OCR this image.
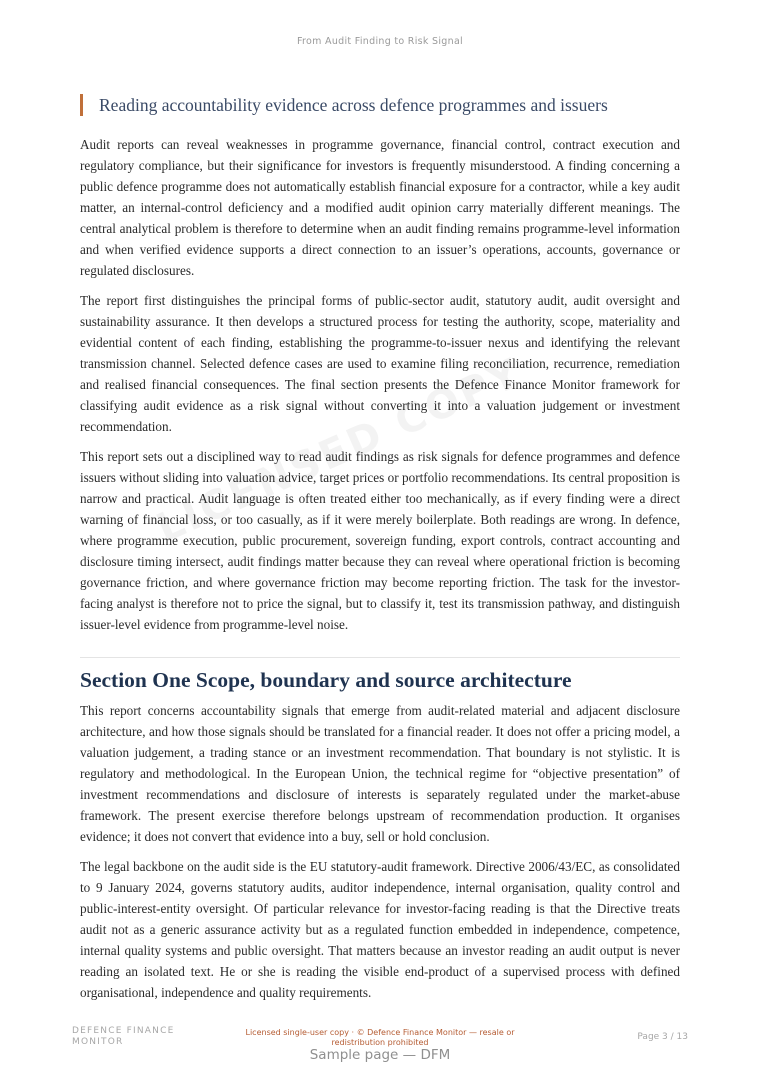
From Audit Finding to Risk Signal
Reading accountability evidence across defence programmes and issuers

Audit reports can reveal weaknesses in programme governance, financial control, contract execution and regulatory compliance, but their significance for investors is frequently misunderstood. A finding concerning a public defence programme does not automatically establish financial exposure for a contractor, while a key audit matter, an internal-control deficiency and a modified audit opinion carry materially different meanings. The central analytical problem is therefore to determine when an audit finding remains programme-level information and when verified evidence supports a direct connection to an issuer’s operations, accounts, governance or regulated disclosures.

The report first distinguishes the principal forms of public-sector audit, statutory audit, audit oversight and sustainability assurance. It then develops a structured process for testing the authority, scope, materiality and evidential content of each finding, establishing the programme-to-issuer nexus and identifying the relevant transmission channel. Selected defence cases are used to examine filing reconciliation, recurrence, remediation and realised financial consequences. The final section presents the Defence Finance Monitor framework for classifying audit evidence as a risk signal without converting it into a valuation judgement or investment recommendation.

This report sets out a disciplined way to read audit findings as risk signals for defence programmes and defence issuers without sliding into valuation advice, target prices or portfolio recommendations. Its central proposition is narrow and practical. Audit language is often treated either too mechanically, as if every finding were a direct warning of financial loss, or too casually, as if it were merely boilerplate. Both readings are wrong. In defence, where programme execution, public procurement, sovereign funding, export controls, contract accounting and disclosure timing intersect, audit findings matter because they can reveal where operational friction is becoming governance friction, and where governance friction may become reporting friction. The task for the investor-facing analyst is therefore not to price the signal, but to classify it, test its transmission pathway, and distinguish issuer-level evidence from programme-level noise.

Section One Scope, boundary and source architecture

This report concerns accountability signals that emerge from audit-related material and adjacent disclosure architecture, and how those signals should be translated for a financial reader. It does not offer a pricing model, a valuation judgement, a trading stance or an investment recommendation. That boundary is not stylistic. It is regulatory and methodological. In the European Union, the technical regime for “objective presentation” of investment recommendations and disclosure of interests is separately regulated under the market-abuse framework. The present exercise therefore belongs upstream of recommendation production. It organises evidence; it does not convert that evidence into a buy, sell or hold conclusion.

The legal backbone on the audit side is the EU statutory-audit framework. Directive 2006/43/EC, as consolidated to 9 January 2024, governs statutory audits, auditor independence, internal organisation, quality control and public-interest-entity oversight. Of particular relevance for investor-facing reading is that the Directive treats audit not as a generic assurance activity but as a regulated function embedded in independence, competence, internal quality systems and public oversight. That matters because an investor reading an audit output is never reading an isolated text. He or she is reading the visible end-product of a supervised process with defined organisational, independence and quality requirements.

DEFENCE FINANCE MONITOR
Licensed single-user copy · © Defence Finance Monitor — resale or redistribution prohibited
Page 3 / 13
Sample page — DFM
